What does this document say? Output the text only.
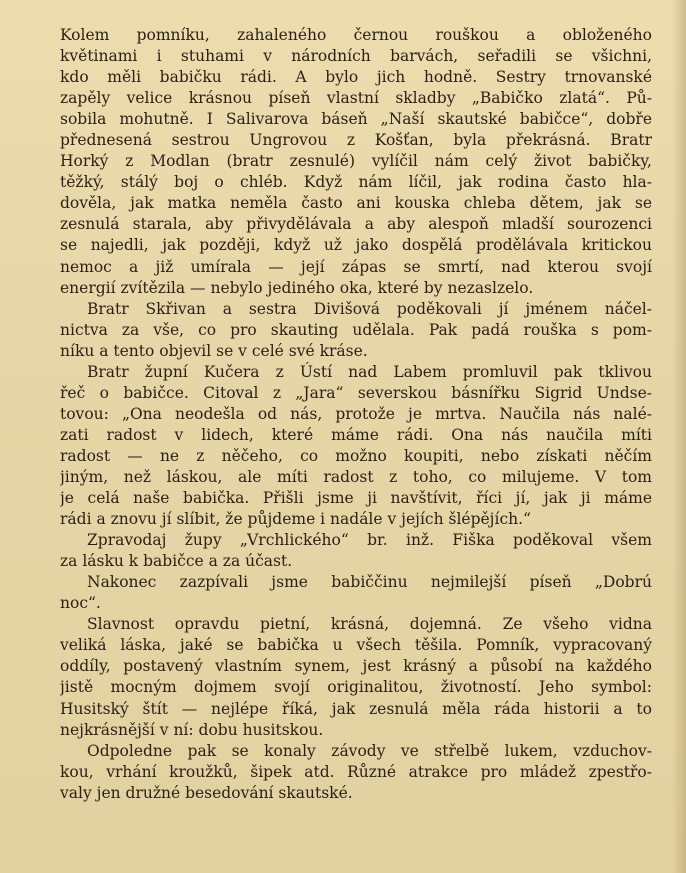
Kolem pomníku, zahaleného černou rouškou a obloženého
květinami i stuhami v národních barvách, seřadili se všichni,
kdo měli babičku rádi. A bylo jich hodně. Sestry trnovanské
zapěly velice krásnou píseň vlastní skladby „Babičko zlatá“. Pů-
sobila mohutně. I Salivarova báseň „Naší skautské babičce“, dobře
přednesená sestrou Ungrovou z Košťan, byla překrásná. Bratr
Horký z Modlan (bratr zesnulé) vylíčil nám celý život babičky,
těžký, stálý boj o chléb. Když nám líčil, jak rodina často hla-
dověla, jak matka neměla často ani kouska chleba dětem, jak se
zesnulá starala, aby přivydělávala a aby alespoň mladší sourozenci
se najedli, jak později, když už jako dospělá prodělávala kritickou
nemoc a již umírala — její zápas se smrtí, nad kterou svojí
energií zvítězila — nebylo jediného oka, které by nezaslzelo.
Bratr Skřivan a sestra Divišová poděkovali jí jménem náčel-
nictva za vše, co pro skauting udělala. Pak padá rouška s pom-
níku a tento objevil se v celé své kráse.
Bratr župní Kučera z Ústí nad Labem promluvil pak tklivou
řeč o babičce. Citoval z „Jara“ severskou básnířku Sigrid Undse-
tovou: „Ona neodešla od nás, protože je mrtva. Naučila nás nalé-
zati radost v lidech, které máme rádi. Ona nás naučila míti
radost — ne z něčeho, co možno koupiti, nebo získati něčím
jiným, než láskou, ale míti radost z toho, co milujeme. V tom
je celá naše babička. Přišli jsme ji navštívit, říci jí, jak ji máme
rádi a znovu jí slíbit, že půjdeme i nadále v jejích šlépějích.“
Zpravodaj župy „Vrchlického“ br. inž. Fiška poděkoval všem
za lásku k babičce a za účast.
Nakonec zazpívali jsme babiččinu nejmilejší píseň „Dobrú
noc“.
Slavnost opravdu pietní, krásná, dojemná. Ze všeho vidna
veliká láska, jaké se babička u všech těšila. Pomník, vypracovaný
oddíly, postavený vlastním synem, jest krásný a působí na každého
jistě mocným dojmem svojí originalitou, životností. Jeho symbol:
Husitský štít — nejlépe říká, jak zesnulá měla ráda historii a to
nejkrásnější v ní: dobu husitskou.
Odpoledne pak se konaly závody ve střelbě lukem, vzduchov-
kou, vrhání kroužků, šipek atd. Různé atrakce pro mládež zpestřo-
valy jen družné besedování skautské.
